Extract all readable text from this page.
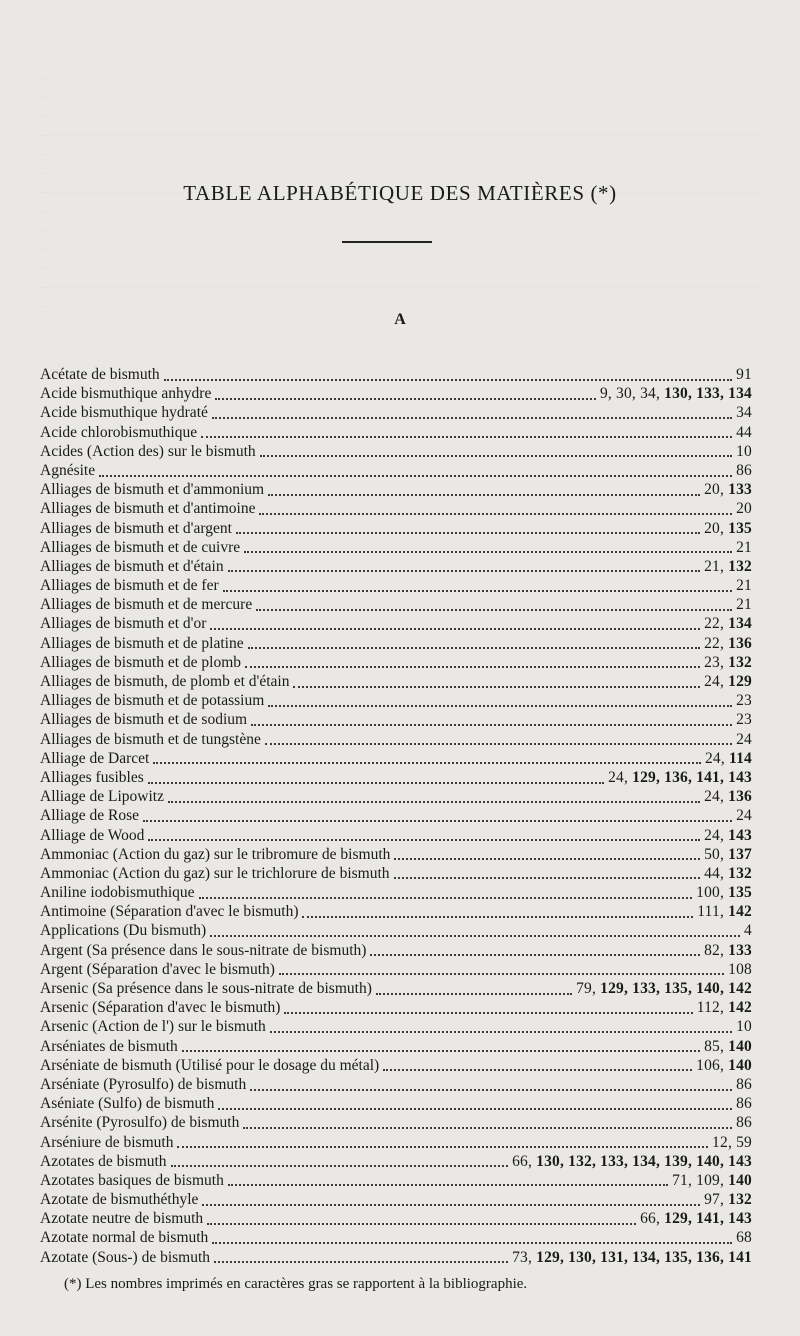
TABLE ALPHABÉTIQUE DES MATIÈRES (*)
A
Acétate de bismuth	91
Acide bismuthique anhydre	9, 30, 34, 130, 133, 134
Acide bismuthique hydraté	34
Acide chlorobismuthique	44
Acides (Action des) sur le bismuth	10
Agnésite	86
Alliages de bismuth et d'ammonium	20, 133
Alliages de bismuth et d'antimoine	20
Alliages de bismuth et d'argent	20, 135
Alliages de bismuth et de cuivre	21
Alliages de bismuth et d'étain	21, 132
Alliages de bismuth et de fer	21
Alliages de bismuth et de mercure	21
Alliages de bismuth et d'or	22, 134
Alliages de bismuth et de platine	22, 136
Alliages de bismuth et de plomb	23, 132
Alliages de bismuth, de plomb et d'étain	24, 129
Alliages de bismuth et de potassium	23
Alliages de bismuth et de sodium	23
Alliages de bismuth et de tungstène	24
Alliage de Darcet	24, 114
Alliages fusibles	24, 129, 136, 141, 143
Alliage de Lipowitz	24, 136
Alliage de Rose	24
Alliage de Wood	24, 143
Ammoniac (Action du gaz) sur le tribromure de bismuth	50, 137
Ammoniac (Action du gaz) sur le trichlorure de bismuth	44, 132
Aniline iodobismuthique	100, 135
Antimoine (Séparation d'avec le bismuth)	111, 142
Applications (Du bismuth)	4
Argent (Sa présence dans le sous-nitrate de bismuth)	82, 133
Argent (Séparation d'avec le bismuth)	108
Arsenic (Sa présence dans le sous-nitrate de bismuth)	79, 129, 133, 135, 140, 142
Arsenic (Séparation d'avec le bismuth)	112, 142
Arsenic (Action de l') sur le bismuth	10
Arséniates de bismuth	85, 140
Arséniate de bismuth (Utilisé pour le dosage du métal)	106, 140
Arséniate (Pyrosulfo) de bismuth	86
Aséniate (Sulfo) de bismuth	86
Arsénite (Pyrosulfo) de bismuth	86
Arséniure de bismuth	12, 59
Azotates de bismuth	66, 130, 132, 133, 134, 139, 140, 143
Azotates basiques de bismuth	71, 109, 140
Azotate de bismuthéthyle	97, 132
Azotate neutre de bismuth	66, 129, 141, 143
Azotate normal de bismuth	68
Azotate (Sous-) de bismuth	73, 129, 130, 131, 134, 135, 136, 141
(*) Les nombres imprimés en caractères gras se rapportent à la bibliographie.
